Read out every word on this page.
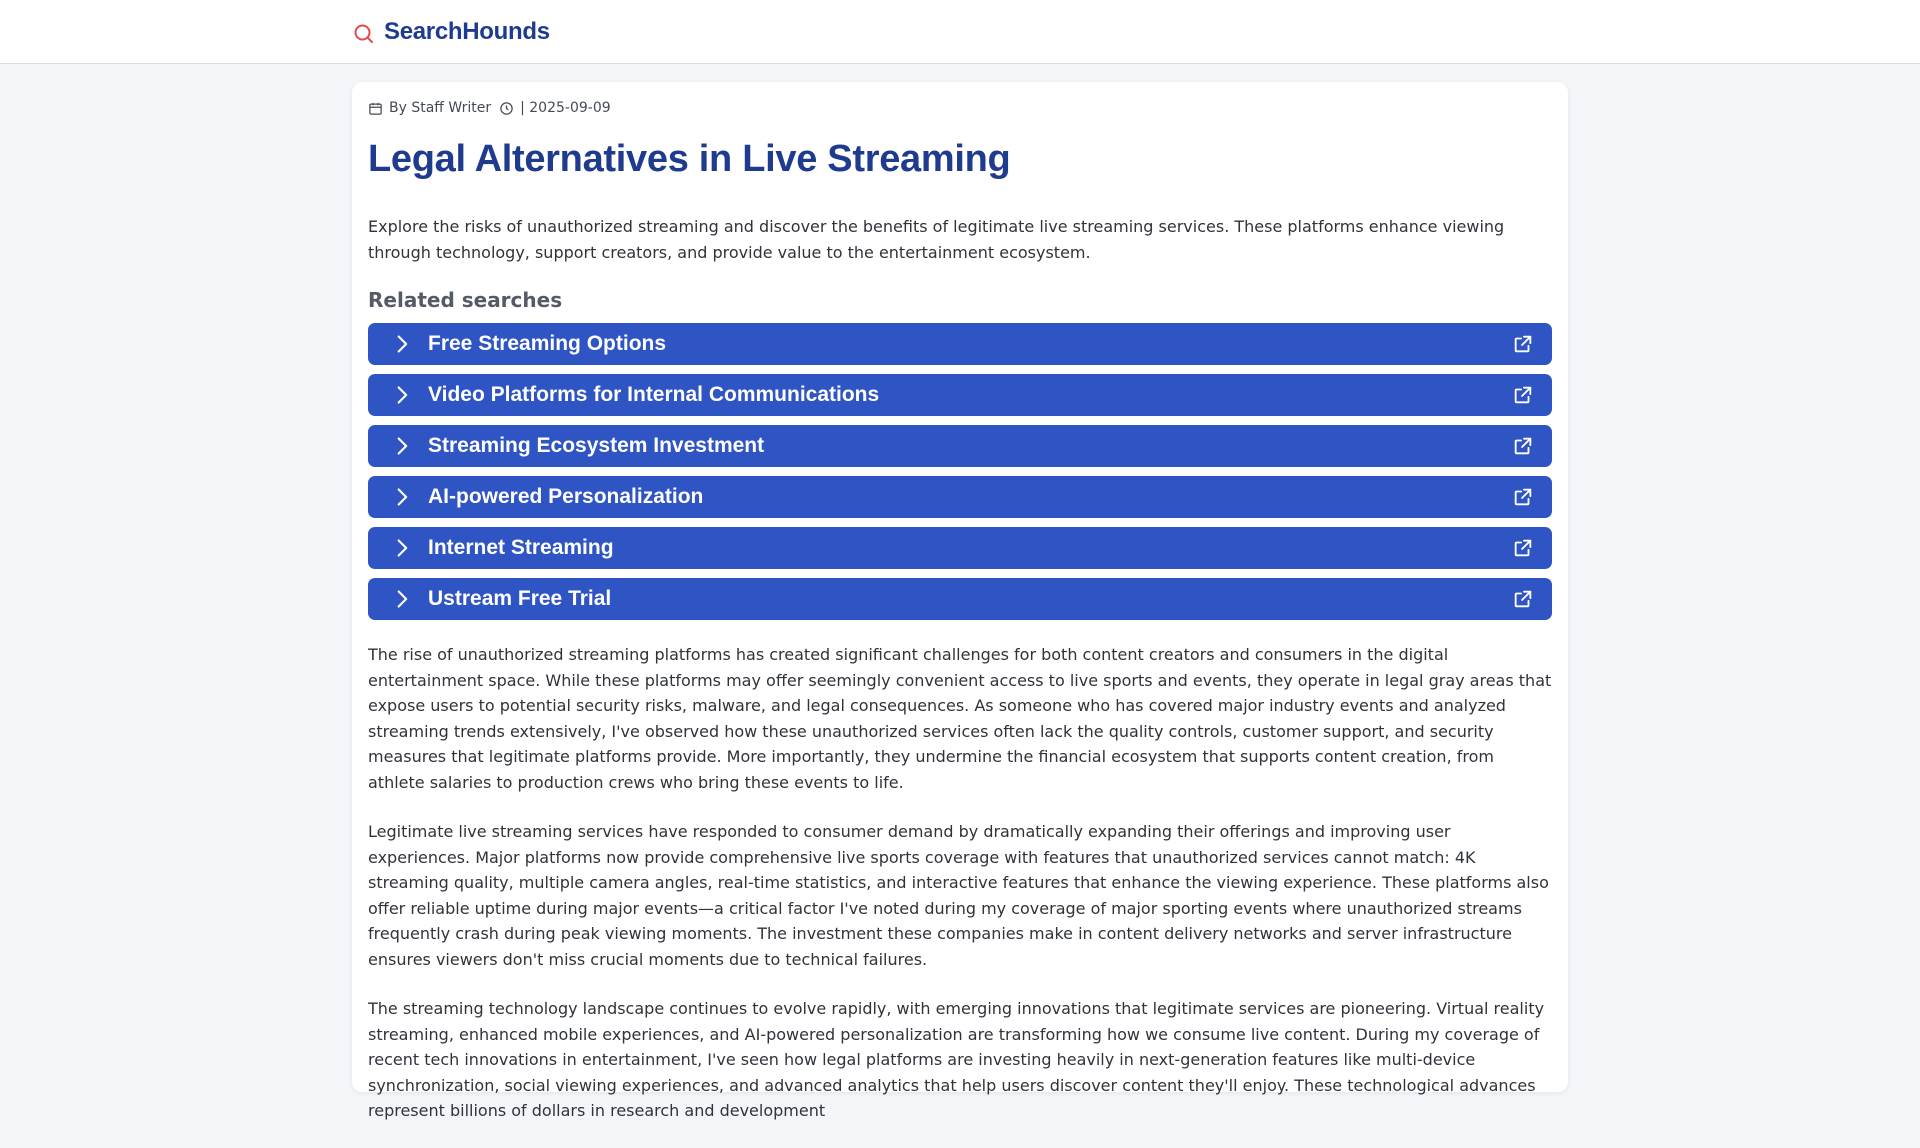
SearchHounds
By Staff Writer | 2025-09-09
Legal Alternatives in Live Streaming

Explore the risks of unauthorized streaming and discover the benefits of legitimate live streaming services. These platforms enhance viewing through technology, support creators, and provide value to the entertainment ecosystem.

Related searches
Free Streaming Options
Video Platforms for Internal Communications
Streaming Ecosystem Investment
AI-powered Personalization
Internet Streaming
Ustream Free Trial

The rise of unauthorized streaming platforms has created significant challenges for both content creators and consumers in the digital entertainment space. While these platforms may offer seemingly convenient access to live sports and events, they operate in legal gray areas that expose users to potential security risks, malware, and legal consequences. As someone who has covered major industry events and analyzed streaming trends extensively, I've observed how these unauthorized services often lack the quality controls, customer support, and security measures that legitimate platforms provide. More importantly, they undermine the financial ecosystem that supports content creation, from athlete salaries to production crews who bring these events to life.

Legitimate live streaming services have responded to consumer demand by dramatically expanding their offerings and improving user experiences. Major platforms now provide comprehensive live sports coverage with features that unauthorized services cannot match: 4K streaming quality, multiple camera angles, real-time statistics, and interactive features that enhance the viewing experience. These platforms also offer reliable uptime during major events—a critical factor I've noted during my coverage of major sporting events where unauthorized streams frequently crash during peak viewing moments. The investment these companies make in content delivery networks and server infrastructure ensures viewers don't miss crucial moments due to technical failures.

The streaming technology landscape continues to evolve rapidly, with emerging innovations that legitimate services are pioneering. Virtual reality streaming, enhanced mobile experiences, and AI-powered personalization are transforming how we consume live content. During my coverage of recent tech innovations in entertainment, I've seen how legal platforms are investing heavily in next-generation features like multi-device synchronization, social viewing experiences, and advanced analytics that help users discover content they'll enjoy. These technological advances represent billions of dollars in research and development
